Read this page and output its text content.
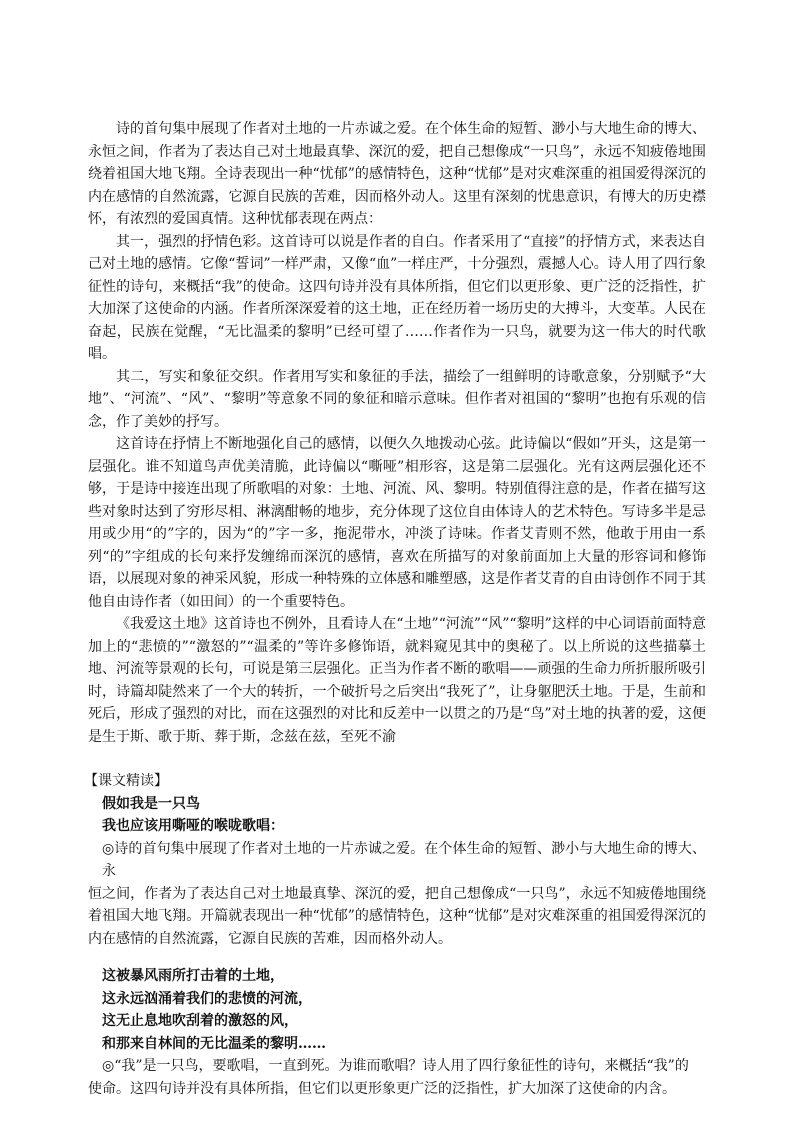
诗的首句集中展现了作者对土地的一片赤诚之爱。在个体生命的短暂、渺小与大地生命的博大、永恒之间，作者为了表达自己对土地最真挚、深沉的爱，把自己想像成“一只鸟”，永远不知疲倦地围绕着祖国大地飞翔。全诗表现出一种“忧郁”的感情特色，这种“忧郁”是对灾难深重的祖国爱得深沉的内在感情的自然流露，它源自民族的苦难，因而格外动人。这里有深刻的忧患意识，有博大的历史襟怀，有浓烈的爱国真情。这种忧郁表现在两点：

其一，强烈的抒情色彩。这首诗可以说是作者的自白。作者采用了“直接”的抒情方式，来表达自己对土地的感情。它像“誓词”一样严肃，又像“血”一样庄严，十分强烈，震撼人心。诗人用了四行象征性的诗句，来概括“我”的使命。这四句诗并没有具体所指，但它们以更形象、更广泛的泛指性，扩大加深了这使命的内涵。作者所深深爱着的这土地，正在经历着一场历史的大搏斗，大变革。人民在奋起，民族在觉醒，“无比温柔的黎明”已经可望了……作者作为一只鸟，就要为这一伟大的时代歌唱。

其二，写实和象征交织。作者用写实和象征的手法，描绘了一组鲜明的诗歌意象，分别赋予“大地”、“河流”、“风”、“黎明”等意象不同的象征和暗示意味。但作者对祖国的“黎明”也抱有乐观的信念，作了美妙的抒写。

这首诗在抒情上不断地强化自己的感情，以便久久地拨动心弦。此诗偏以“假如”开头，这是第一层强化。谁不知道鸟声优美清脆，此诗偏以“嘶哑”相形容，这是第二层强化。光有这两层强化还不够，于是诗中接连出现了所歌唱的对象：土地、河流、风、黎明。特别值得注意的是，作者在描写这些对象时达到了穷形尽相、淋漓酣畅的地步，充分体现了这位自由体诗人的艺术特色。写诗多半是忌用或少用“的”字的，因为“的”字一多，拖泥带水，冲淡了诗味。作者艾青则不然，他敢于用由一系列“的”字组成的长句来抒发缠绵而深沉的感情，喜欢在所描写的对象前面加上大量的形容词和修饰语，以展现对象的神采风貌，形成一种特殊的立体感和雕塑感，这是作者艾青的自由诗创作不同于其他自由诗作者（如田间）的一个重要特色。

《我爱这土地》这首诗也不例外，且看诗人在“土地”“河流”“风”“黎明”这样的中心词语前面特意加上的“悲愤的”“激怒的”“温柔的”等许多修饰语，就料窥见其中的奥秘了。以上所说的这些描摹土地、河流等景观的长句，可说是第三层强化。正当为作者不断的歌唱——顽强的生命力所折服所吸引时，诗篇却陡然来了一个大的转折，一个破折号之后突出“我死了”，让身躯肥沃土地。于是，生前和死后，形成了强烈的对比，而在这强烈的对比和反差中一以贯之的乃是“鸟”对土地的执著的爱，这便是生于斯、歌于斯、葬于斯，念兹在兹，至死不渝

【课文精读】

假如我是一只鸟

我也应该用嘶哑的喉咙歌唱：

◎诗的首句集中展现了作者对土地的一片赤诚之爱。在个体生命的短暂、渺小与大地生命的博大、永
恒之间，作者为了表达自己对土地最真挚、深沉的爱，把自己想像成“一只鸟”，永远不知疲倦地围绕着祖国大地飞翔。开篇就表现出一种“忧郁”的感情特色，这种“忧郁”是对灾难深重的祖国爱得深沉的内在感情的自然流露，它源自民族的苦难，因而格外动人。

这被暴风雨所打击着的土地，

这永远汹涌着我们的悲愤的河流，

这无止息地吹刮着的激怒的风，

和那来自林间的无比温柔的黎明……

◎“我”是一只鸟，要歌唱，一直到死。为谁而歌唱？诗人用了四行象征性的诗句，来概括“我”的
使命。这四句诗并没有具体所指，但它们以更形象更广泛的泛指性，扩大加深了这使命的内含。
